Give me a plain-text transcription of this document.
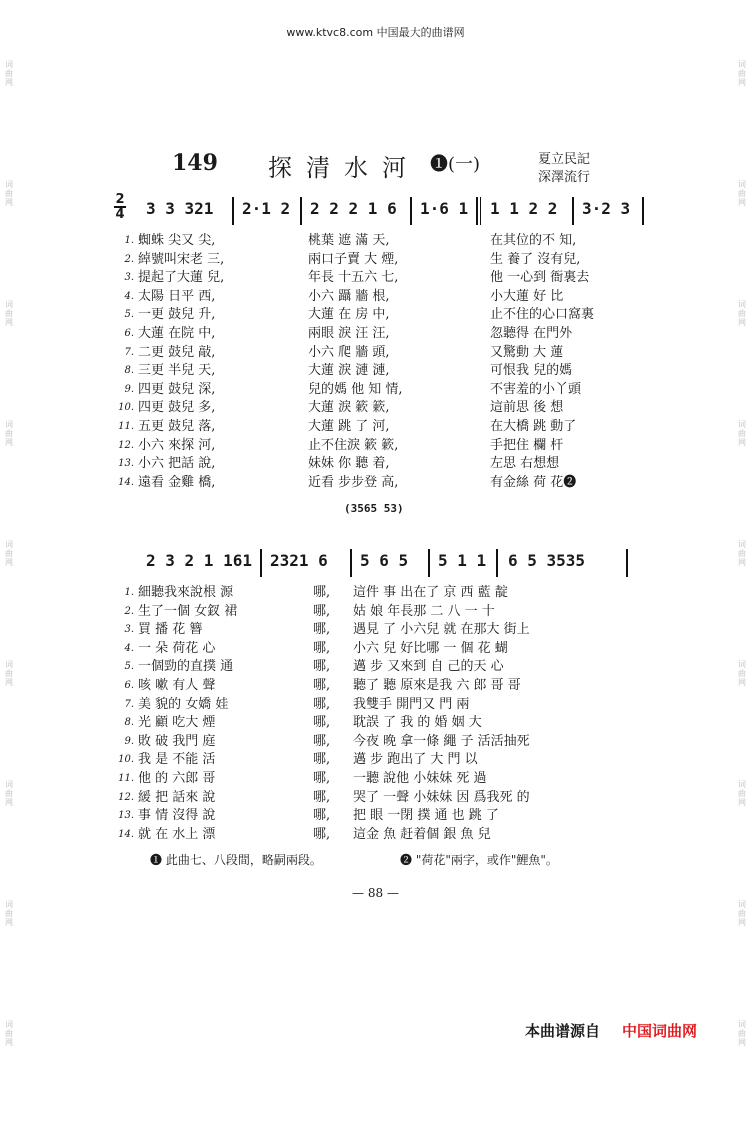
www.ktvc8.com 中国最大的曲谱网
词
曲
网
词
曲
网
词
曲
网
词
曲
网
词
曲
网
词
曲
网
词
曲
网
词
曲
网
词
曲
网
词
曲
网
词
曲
网
词
曲
网
词
曲
网
词
曲
网
词
曲
网
词
曲
网
词
曲
网
词
曲
网
149 探清水河 ❶(一)	夏立民記
深澤流行
2
4 3 3 321 2·1 2 2 2 2 1 6 1·6 1 1 1 2 2 3·2 3
1. 蜘蛛 尖又 尖,	桃葉 遮 滿 天,	在其位的不 知,
2. 綽號叫宋老 三,	兩口子賣 大 煙,	生 養了 沒有兒,
3. 提起了大蓮 兒,	年長 十五六 七,	他 一心到 衙裏去
4. 太陽 日平 西,	小六 躡 牆 根,	小大蓮 好 比
5. 一更 鼓兒 升,	大蓮 在 房 中,	止不住的心口窩裏
6. 大蓮 在院 中,	兩眼 淚 汪 汪,	忽聽得 在門外
7. 二更 鼓兒 敲,	小六 爬 牆 頭,	又驚動 大 蓮
8. 三更 半兒 天,	大蓮 淚 漣 漣,	可恨我 兒的媽
9. 四更 鼓兒 深,	兒的媽 他 知 情,	不害羞的小丫頭
10. 四更 鼓兒 多,	大蓮 淚 簌 簌,	這前思 後 想
11. 五更 鼓兒 落,	大蓮 跳 了 河,	在大橋 跳 動了
12. 小六 來探 河,	止不住淚 簌 簌,	手把住 欄 杆
13. 小六 把話 說,	妹妹 你 聽 着,	左思 右想想
14. 遠看 金雞 橋,	近看 步步登 高,	有金絲 荷 花❷
(3565 53)
2 3 2 1 161 2321 6 5 6 5 5 1 1 6 5 3535
1. 細聽我來說根 源	哪, 這件 事 出在了 京 西 藍 靛
2. 生了一個 女釵 裙	哪, 姑 娘 年長那 二 八 一 十
3. 買 播 花 簪	哪, 遇見 了 小六兒 就 在那大 街上
4. 一 朵 荷花 心	哪, 小六 兒 好比哪 一 個 花 蝴
5. 一個勁的直撲 通	哪, 邁 步 又來到 自 己的天 心
6. 咳 嗽 有人 聲	哪, 聽了 聽 原來是我 六 郎 哥 哥
7. 美 貌的 女嬌 娃	哪, 我雙手 開門又 門 兩
8. 光 顧 吃大 煙	哪, 耽誤 了 我 的 婚 姻 大
9. 敗 破 我門 庭	哪, 今夜 晚 拿一條 繩 子 活活抽死
10. 我 是 不能 活	哪, 邁 步 跑出了 大 門 以
11. 他 的 六郎 哥	哪, 一聽 說他 小妹妹 死 過
12. 緩 把 話來 說	哪, 哭了 一聲 小妹妹 因 爲我死 的
13. 事 情 沒得 說	哪, 把 眼 一閉 撲 通 也 跳 了
14. 就 在 水上 漂	哪, 這金 魚 赶着個 銀 魚 兒
❶ 此曲七、八段間，略嗣兩段。	❷ "荷花"兩字，或作"鯉魚"。
— 88 —
本曲谱源自 中国词曲网
